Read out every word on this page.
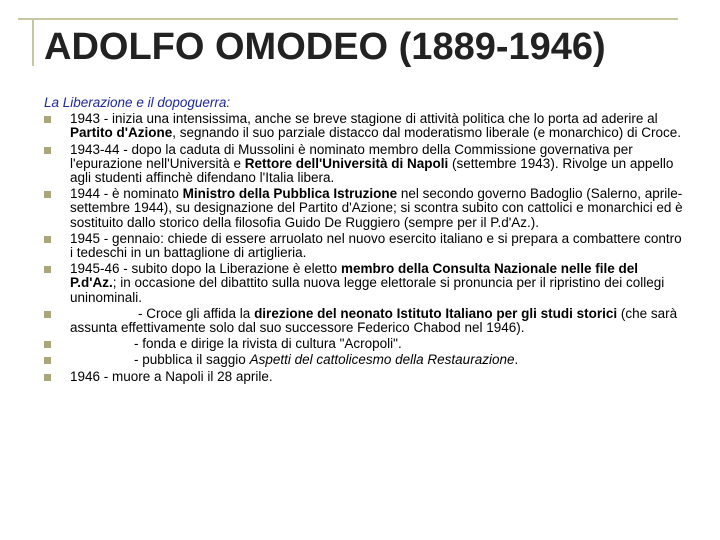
ADOLFO OMODEO (1889-1946)
La Liberazione e il dopoguerra:
1943 - inizia una intensissima, anche se breve stagione di attività politica che lo porta ad aderire al Partito d'Azione, segnando il suo parziale distacco dal moderatismo liberale (e monarchico) di Croce.
1943-44 - dopo la caduta di Mussolini è nominato membro della Commissione governativa per l'epurazione nell'Università e Rettore dell'Università di Napoli (settembre 1943). Rivolge un appello agli studenti affinchè difendano l'Italia libera.
1944 - è nominato Ministro della Pubblica Istruzione nel secondo governo Badoglio (Salerno, aprile-settembre 1944), su designazione del Partito d'Azione; si scontra subito con cattolici e monarchici ed è sostituito dallo storico della filosofia Guido De Ruggiero (sempre per il P.d'Az.).
1945 - gennaio: chiede di essere arruolato nel nuovo esercito italiano e si prepara a combattere contro i tedeschi in un battaglione di artiglieria.
1945-46 - subito dopo la Liberazione è eletto membro della Consulta Nazionale nelle file del P.d'Az.; in occasione del dibattito sulla nuova legge elettorale si pronuncia per il ripristino dei collegi uninominali.
- Croce gli affida la direzione del neonato Istituto Italiano per gli studi storici (che sarà assunta effettivamente solo dal suo successore Federico Chabod nel 1946).
- fonda e dirige la rivista di cultura "Acropoli".
- pubblica il saggio Aspetti del cattolicesmo della Restaurazione.
1946 - muore a Napoli il 28 aprile.
